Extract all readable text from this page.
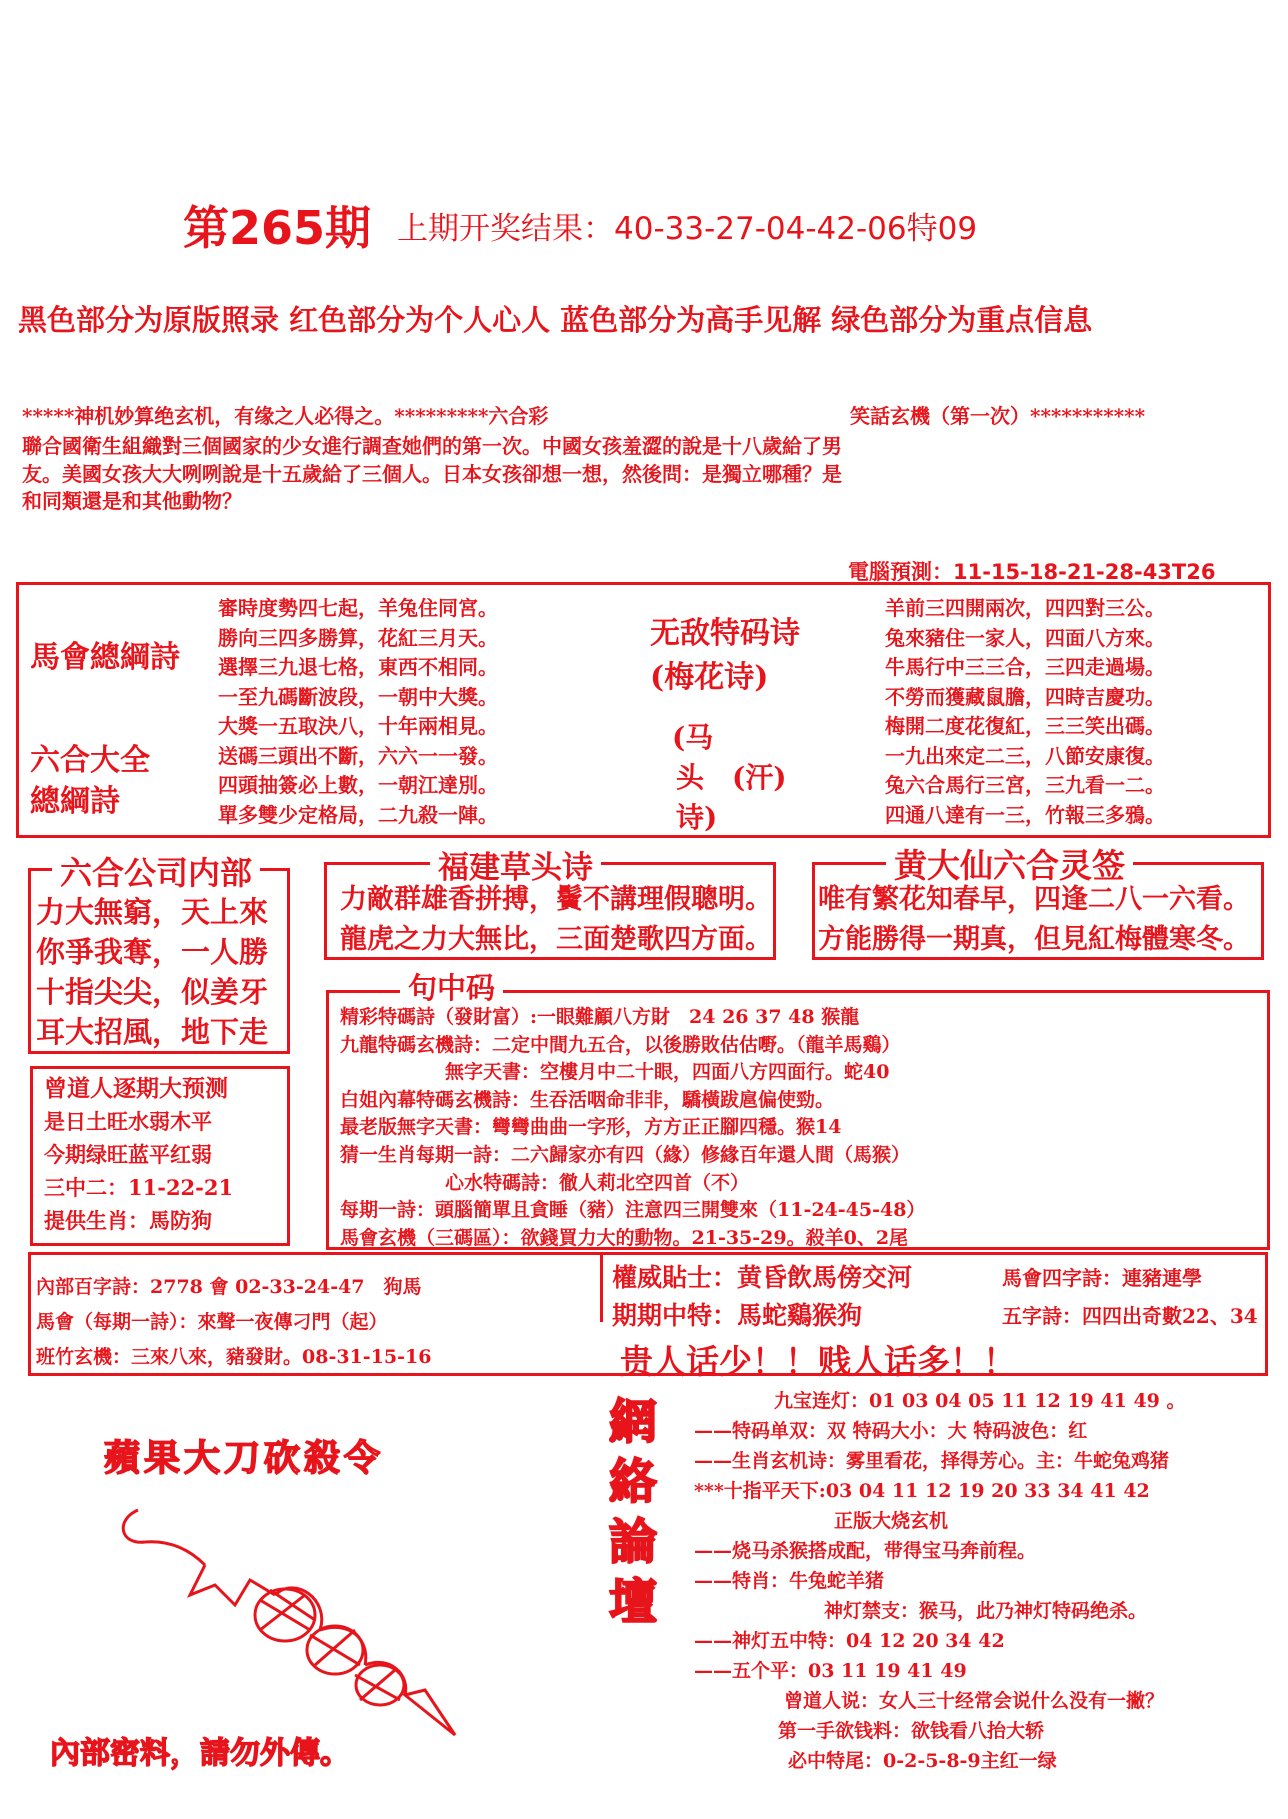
第265期 上期开奖结果：40-33-27-04-42-06特09
黑色部分为原版照录 红色部分为个人心人 蓝色部分为高手见解 绿色部分为重点信息
*****神机妙算绝玄机，有缘之人必得之。*********六合彩	笑話玄機（第一次）***********
聯合國衛生組織對三個國家的少女進行調查她們的第一次。中國女孩羞澀的說是十八歲給了男
友。美國女孩大大咧咧說是十五歲給了三個人。日本女孩卻想一想，然後問：是獨立哪種？是
和同類還是和其他動物？
電腦預測：11-15-18-21-28-43T26
馬會總綱詩
六合大全
總綱詩
審時度勢四七起，羊兔住同宮。
勝向三四多勝算，花紅三月天。
選擇三九退七格，東西不相同。
一至九碼斷波段，一朝中大獎。
大獎一五取決八，十年兩相見。
送碼三頭出不斷，六六一一發。
四頭抽簽必上數，一朝江達別。
單多雙少定格局，二九殺一陣。
无敌特码诗
(梅花诗)
(马
头　(汗)
诗)
羊前三四開兩次，四四對三公。
兔來豬住一家人，四面八方來。
牛馬行中三三合，三四走過場。
不勞而獲藏鼠膽，四時吉慶功。
梅開二度花復紅，三三笑出碼。
一九出來定二三，八節安康復。
兔六合馬行三宮，三九看一二。
四通八達有一三，竹報三多鴉。
六合公司内部
力大無窮，天上來
你爭我奪，一人勝
十指尖尖，似姜牙
耳大招風，地下走
福建草头诗
力敵群雄香拼搏，鬢不講理假聰明。
龍虎之力大無比，三面楚歌四方面。
黄大仙六合灵签
唯有繁花知春早，四逢二八一六看。
方能勝得一期真，但見紅梅體寒冬。
句中码
精彩特碼詩（發財富）:一眼難顧八方財　24 26 37 48 猴龍
九龍特碼玄機詩：二定中間九五合，以後勝敗估估嘢。（龍羊馬鷄）
無字天書：空樓月中二十眼，四面八方四面行。蛇40
白姐內幕特碼玄機詩：生吞活咽命非非，驕橫跋扈偏使勁。
最老版無字天書：彎彎曲曲一字形，方方正正腳四穩。猴14
猜一生肖每期一詩：二六歸家亦有四（緣）修緣百年還人間（馬猴）
心水特碼詩：徹人莉北空四首（不）
每期一詩：頭腦簡單且貪睡（豬）注意四三開雙來（11-24-45-48）
馬會玄機（三碼區）：欲錢買力大的動物。21-35-29。殺羊0、2尾
曾道人逐期大预测
是日土旺水弱木平
今期绿旺蓝平红弱
三中二：11-22-21
提供生肖：馬防狗
內部百字詩：2778 會 02-33-24-47　狗馬
馬會（每期一詩）：來聲一夜傳刁門（起）
班竹玄機：三來八來，豬發財。08-31-15-16
權威貼士：黄昏飲馬傍交河	馬會四字詩：連豬連學
期期中特：馬蛇鷄猴狗	五字詩：四四出奇數22、34
贵人话少！！贱人话多！！
蘋果大刀砍殺令
內部密料，請勿外傳。
網
絡
論
壇
九宝连灯：01 03 04 05 11 12 19 41 49 。
——特码单双：双 特码大小：大 特码波色：红
——生肖玄机诗：雾里看花，择得芳心。主：牛蛇兔鸡猪
***十指平天下:03 04 11 12 19 20 33 34 41 42
正版大烧玄机
——烧马杀猴搭成配，带得宝马奔前程。
——特肖：牛兔蛇羊猪
神灯禁支：猴马，此乃神灯特码绝杀。
——神灯五中特：04 12 20 34 42
——五个平：03 11 19 41 49
曾道人说：女人三十经常会说什么没有一撇？
第一手欲钱料：欲钱看八抬大轿
必中特尾：0-2-5-8-9主红一绿
